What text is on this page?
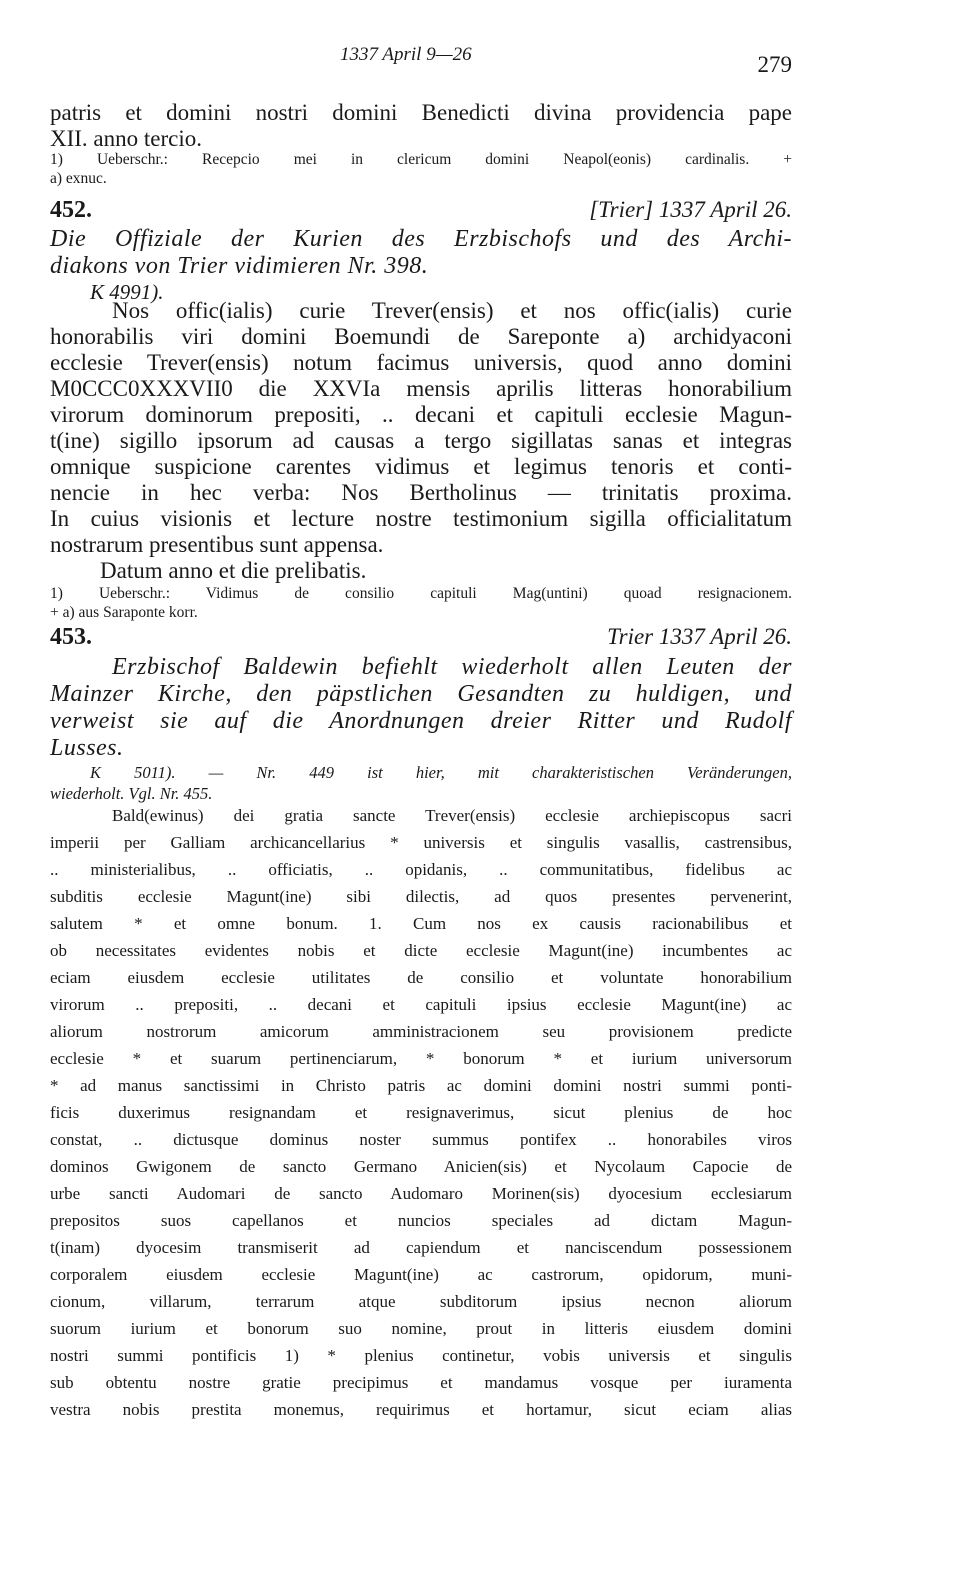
1337 April 9—26	279
patris et domini nostri domini Benedicti divina providencia pape
XII. anno tercio.
1) Ueberschr.: Recepcio mei in clericum domini Neapol(eonis) cardinalis. +
a) exnuc.
452.	[Trier] 1337 April 26.
Die Offiziale der Kurien des Erzbischofs und des Archi-
diakons von Trier vidimieren Nr. 398.
K 4991).
Nos offic(ialis) curie Trever(ensis) et nos offic(ialis) curie
honorabilis viri domini Boemundi de Sareponte a) archidyaconi
ecclesie Trever(ensis) notum facimus universis, quod anno domini
M0CCC0XXXVII0 die XXVIa mensis aprilis litteras honorabilium
virorum dominorum prepositi, .. decani et capituli ecclesie Magun-
t(ine) sigillo ipsorum ad causas a tergo sigillatas sanas et integras
omnique suspicione carentes vidimus et legimus tenoris et conti-
nencie in hec verba: Nos Bertholinus — trinitatis proxima.
In cuius visionis et lecture nostre testimonium sigilla officialitatum
nostrarum presentibus sunt appensa.
Datum anno et die prelibatis.
1) Ueberschr.: Vidimus de consilio capituli Mag(untini) quoad resignacionem.
+ a) aus Saraponte korr.
453.	Trier 1337 April 26.
Erzbischof Baldewin befiehlt wiederholt allen Leuten der
Mainzer Kirche, den päpstlichen Gesandten zu huldigen, und
verweist sie auf die Anordnungen dreier Ritter und Rudolf
Lusses.
K 5011). — Nr. 449 ist hier, mit charakteristischen Veränderungen,
wiederholt. Vgl. Nr. 455.
Bald(ewinus) dei gratia sancte Trever(ensis) ecclesie archiepiscopus sacri
imperii per Galliam archicancellarius * universis et singulis vasallis, castrensibus,
.. ministerialibus, .. officiatis, .. opidanis, .. communitatibus, fidelibus ac
subditis ecclesie Magunt(ine) sibi dilectis, ad quos presentes pervenerint,
salutem * et omne bonum. 1. Cum nos ex causis racionabilibus et
ob necessitates evidentes nobis et dicte ecclesie Magunt(ine) incumbentes ac
eciam eiusdem ecclesie utilitates de consilio et voluntate honorabilium
virorum .. prepositi, .. decani et capituli ipsius ecclesie Magunt(ine) ac
aliorum nostrorum amicorum amministracionem seu provisionem predicte
ecclesie * et suarum pertinenciarum, * bonorum * et iurium universorum
* ad manus sanctissimi in Christo patris ac domini domini nostri summi ponti-
ficis duxerimus resignandam et resignaverimus, sicut plenius de hoc
constat, .. dictusque dominus noster summus pontifex .. honorabiles viros
dominos Gwigonem de sancto Germano Anicien(sis) et Nycolaum Capocie de
urbe sancti Audomari de sancto Audomaro Morinen(sis) dyocesium ecclesiarum
prepositos suos capellanos et nuncios speciales ad dictam Magun-
t(inam) dyocesim transmiserit ad capiendum et nanciscendum possessionem
corporalem eiusdem ecclesie Magunt(ine) ac castrorum, opidorum, muni-
cionum, villarum, terrarum atque subditorum ipsius necnon aliorum
suorum iurium et bonorum suo nomine, prout in litteris eiusdem domini
nostri summi pontificis 1) * plenius continetur, vobis universis et singulis
sub obtentu nostre gratie precipimus et mandamus vosque per iuramenta
vestra nobis prestita monemus, requirimus et hortamur, sicut eciam alias
